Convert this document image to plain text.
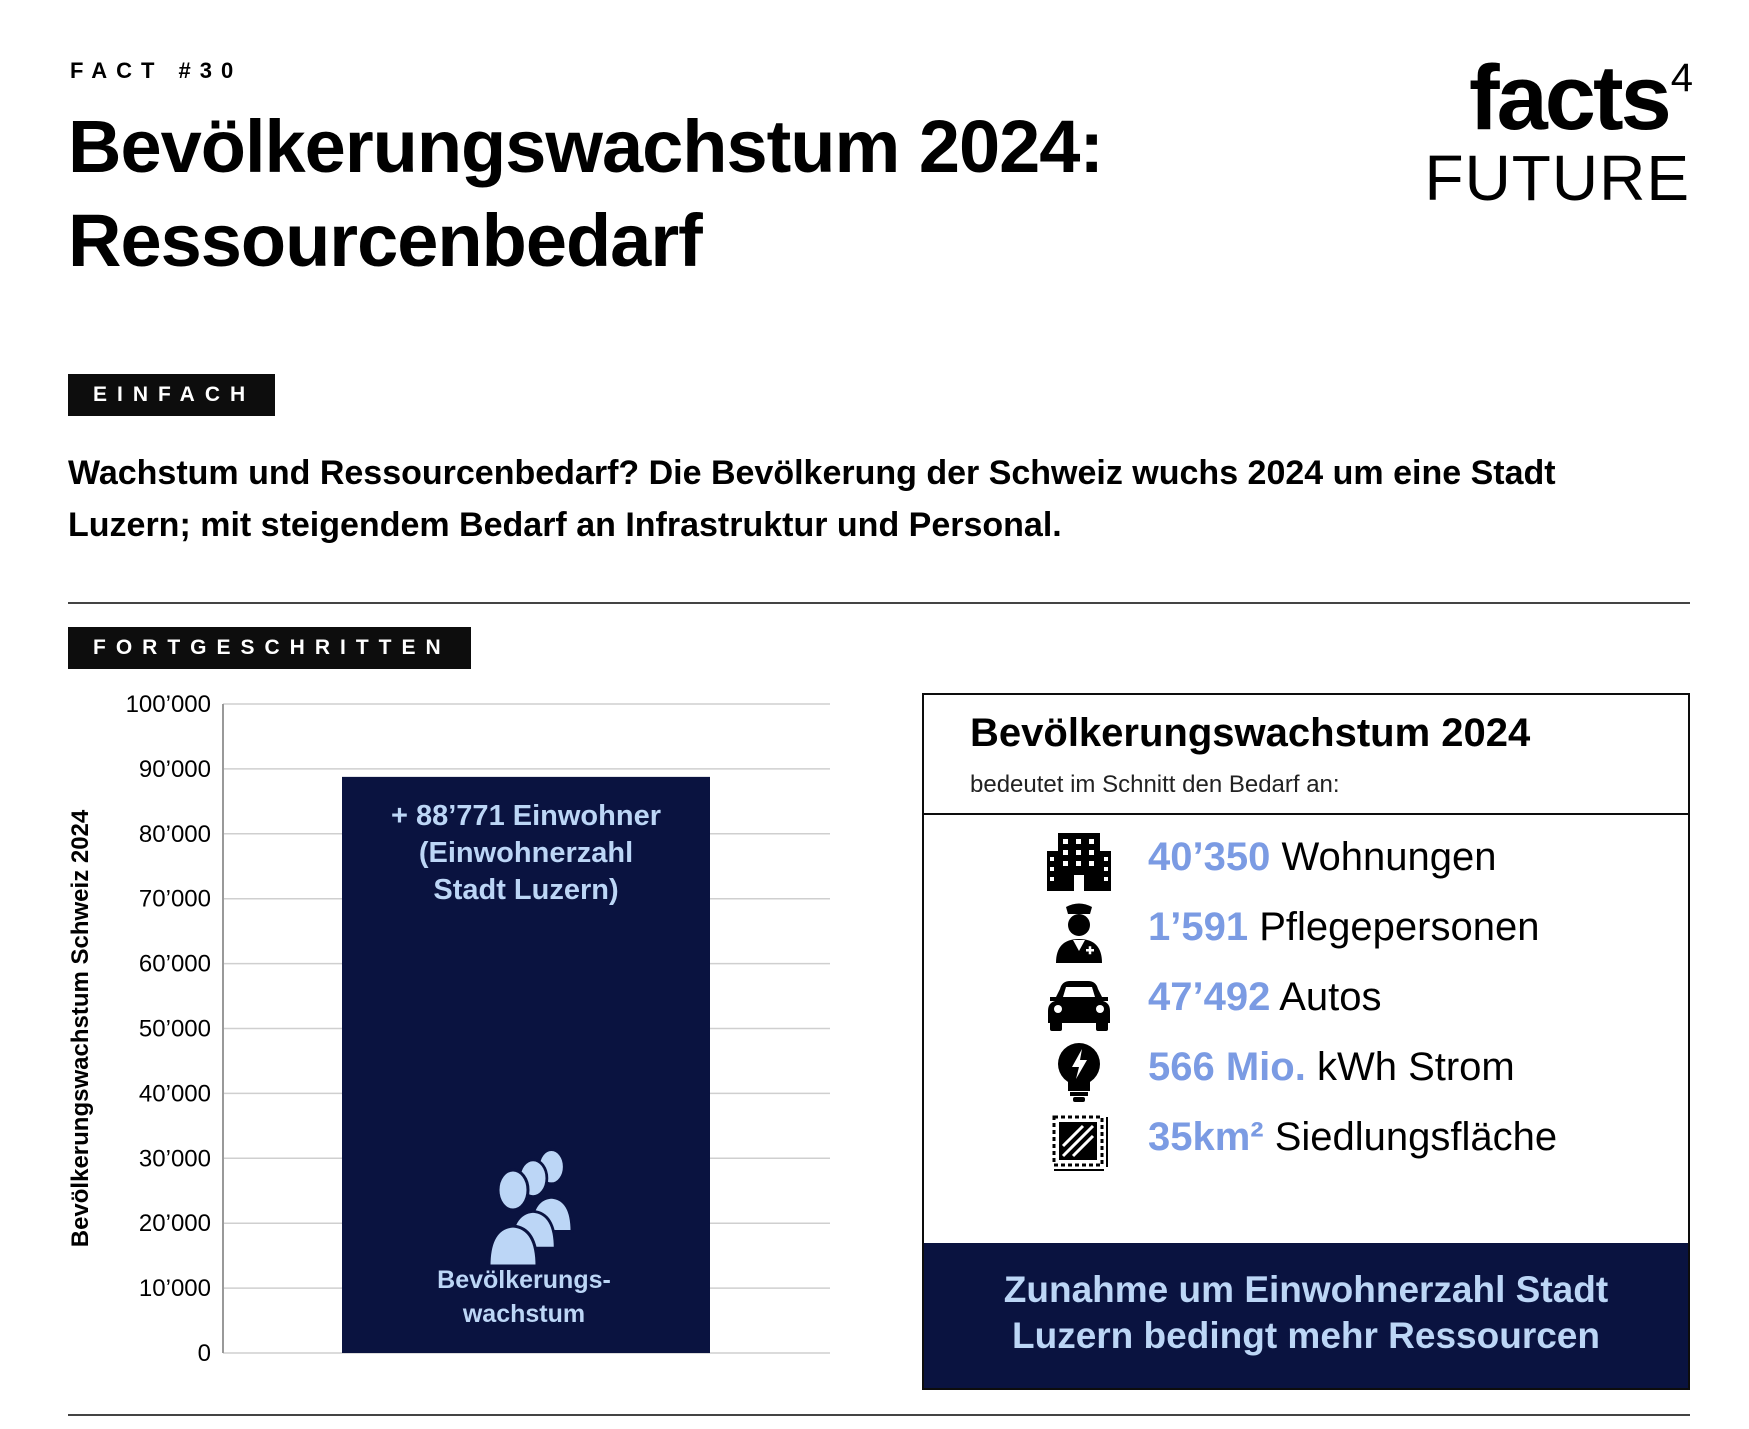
FACT #30
Bevölkerungswachstum 2024:
Ressourcenbedarf
facts$^4$
FUTURE
EINFACH
Wachstum und Ressourcenbedarf? Die Bevölkerung der Schweiz wuchs 2024 um eine Stadt Luzern; mit steigendem Bedarf an Infrastruktur und Personal.
FORTGESCHRITTEN
0
10’000
20’000
30’000
40’000
50’000
60’000
70’000
80’000
90’000
100’000
Bevölkerungswachstum Schweiz 2024	+ 88’771 Einwohner
(Einwohnerzahl
Stadt Luzern)
Bevölkerungs-
wachstum
Bevölkerungswachstum 2024
bedeutet im Schnitt den Bedarf an:
40’350 Wohnungen
1’591 Pflegepersonen
47’492 Autos
566 Mio. kWh Strom
35km² Siedlungsfläche
Zunahme um Einwohnerzahl Stadt
Luzern bedingt mehr Ressourcen
